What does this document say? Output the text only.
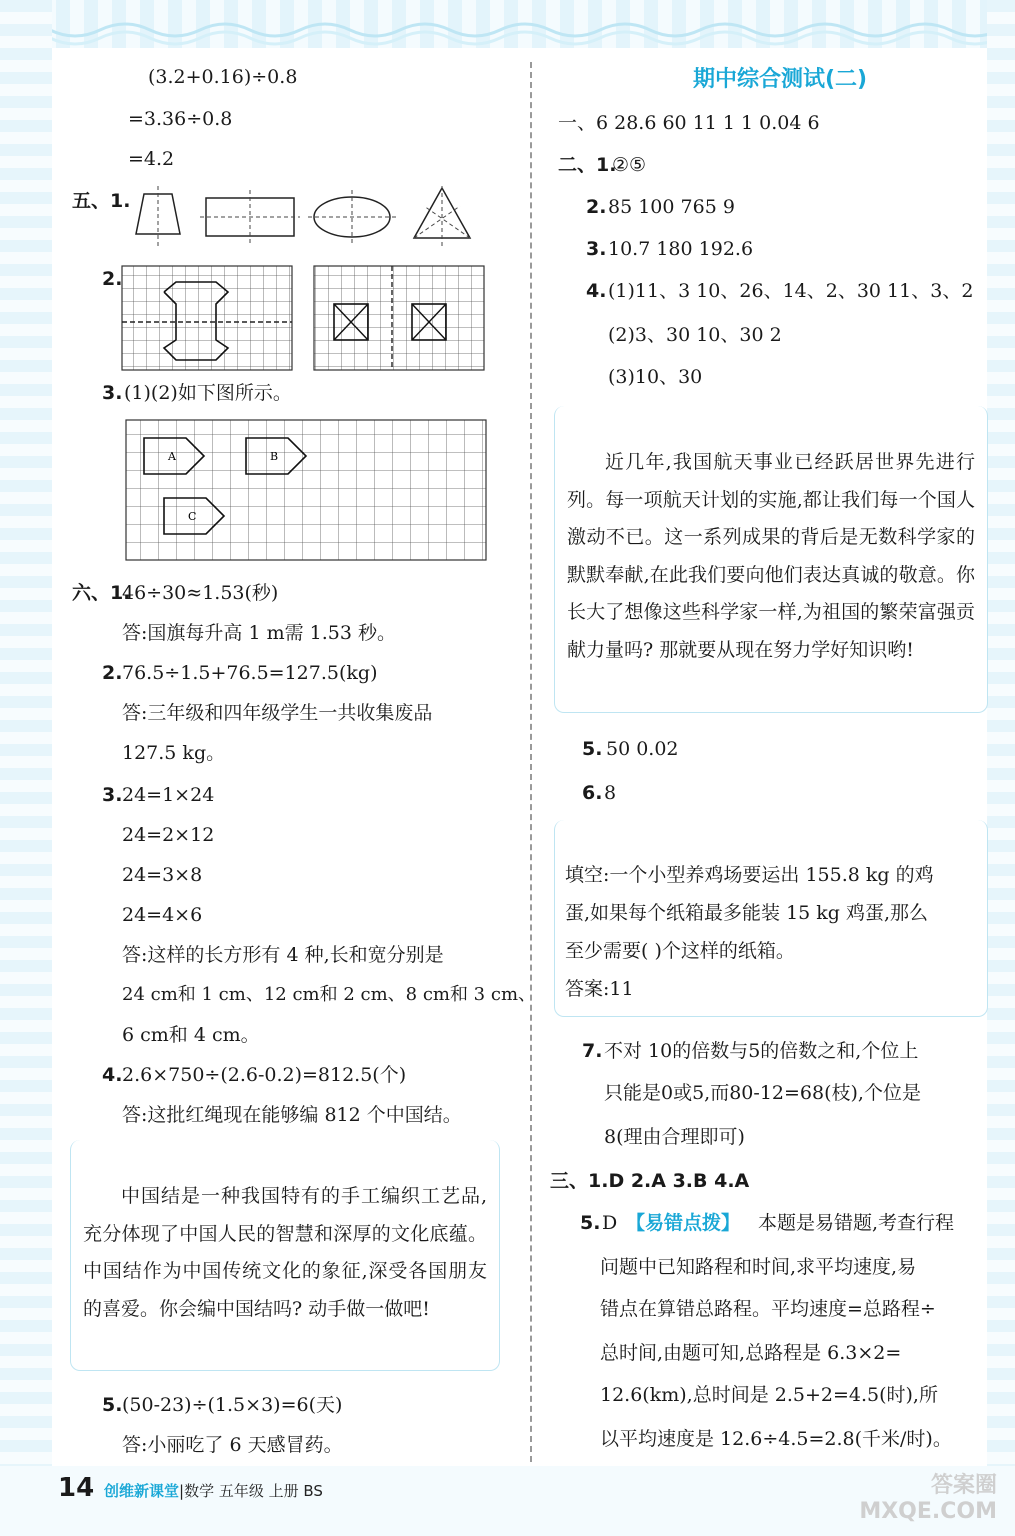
(3.2+0.16)÷0.8
=3.36÷0.8
=4.2
五、1.
2.
3. (1)(2)如下图所示。
A	B
C
六、1.
46÷30≈1.53(秒)
答:国旗每升高 1 m需 1.53 秒。
2. 76.5÷1.5+76.5=127.5(kg)
答:三年级和四年级学生一共收集废品
127.5 kg。
3. 24=1×24
24=2×12
24=3×8
24=4×6
答:这样的长方形有 4 种,长和宽分别是
24 cm和 1 cm、12 cm和 2 cm、8 cm和 3 cm、
6 cm和 4 cm。
4. 2.6×750÷(2.6-0.2)=812.5(个)
答:这批红绳现在能够编 812 个中国结。

中国结是一种我国特有的手工编织工艺品,充分体现了中国人民的智慧和深厚的文化底蕴。中国结作为中国传统文化的象征,深受各国朋友的喜爱。你会编中国结吗? 动手做一做吧!

5. (50-23)÷(1.5×3)=6(天)
答:小丽吃了 6 天感冒药。
期中综合测试(二)
一、6 28.6 60 11 1 1 0.04 6
二、1.
②⑤
2. 85 100 765 9
3. 10.7 180 192.6
4. (1)11、3 10、26、14、2、30 11、3、2
(2)3、30 10、30 2
(3)10、30

近几年,我国航天事业已经跃居世界先进行列。每一项航天计划的实施,都让我们每一个国人激动不已。这一系列成果的背后是无数科学家的默默奉献,在此我们要向他们表达真诚的敬意。你长大了想像这些科学家一样,为祖国的繁荣富强贡献力量吗? 那就要从现在努力学好知识哟!

5. 50 0.02
6. 8
填空:一个小型养鸡场要运出 155.8 kg 的鸡
蛋,如果每个纸箱最多能装 15 kg 鸡蛋,那么
至少需要( )个这样的纸箱。
答案:11
7. 不对 10的倍数与5的倍数之和,个位上
只能是0或5,而80-12=68(枝),个位是
8(理由合理即可)
三、1.D 2.A 3.B 4.A
5. D 【易错点拨】 本题是易错题,考查行程
问题中已知路程和时间,求平均速度,易
错点在算错总路程。平均速度=总路程÷
总时间,由题可知,总路程是 6.3×2=
12.6(km),总时间是 2.5+2=4.5(时),所
以平均速度是 12.6÷4.5=2.8(千米/时)。
14 创维新课堂|数学 五年级 上册 BS	答案圈 MXQE.COM
